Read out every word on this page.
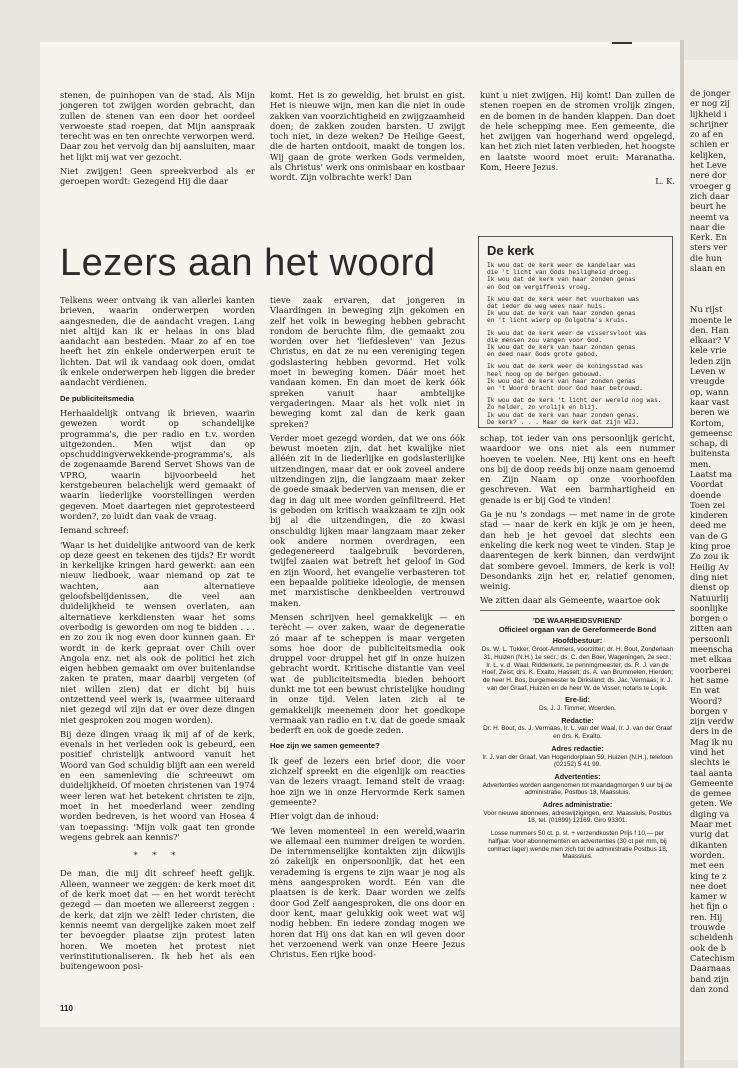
stenen, de puinhopen van de stad. Als Mijn jongeren tot zwijgen worden gebracht, dan zullen de stenen van een door het oordeel verwoeste stad roepen, dat Mijn aanspraak terecht was en ten onrechte verworpen werd. Daar zou het vervolg dan bij aansluiten, maar het lijkt mij wat ver gezocht.

Niet zwijgen! Geen spreekverbod als er geroepen wordt: Gezegend Hij die daar

komt. Het is zo geweldig, het bruist en gist. Het is nieuwe wijn, men kan die niet in oude zakken van voorzichtigheid en zwijgzaamheid doen; de zakken zouden barsten. U zwijgt toch niet, in deze weken? De Heilige Geest, die de harten ontdooit, maakt de tongen los. Wij gaan de grote werken Gods vermelden, als Christus' werk ons onmisbaar en kostbaar wordt. Zijn volbrachte werk! Dan

kunt u niet zwijgen. Hij komt! Dan zullen de stenen roepen en de stromen vrolijk zingen, en de bomen in de handen klappen. Dan doet de hele schepping mee. Een gemeente, die het zwijgen van hogerhand werd opgelegd, kan het zich niet laten verbieden, het hoogste en laatste woord moet eruit: Maranatha. Kom, Heere Jezus.

L. K.
Lezers aan het woord	De kerk

Ik wou dat de kerk weer de kandelaar was
die 't licht van Gods heiligheid droeg.
Ik wou dat de kerk van haar zonden genas
en God om vergiffenis vroeg.

Ik wou dat de kerk weer het vuurbaken was
dat ieder de weg wees naar huis.
Ik wou dat de kerk van haar zonden genas
en 't licht wierp op Golgotha's kruis.

Ik wou dat de kerk weer de vissersvloot was
die mensen zou vangen voor God.
Ik wou dat de kerk van haar zonden genas
en deed naar Gods grote gebod.

Ik wou dat de kerk weer de koningsstad was
heel hoog op de bergen gebouwd.
Ik wou dat de kerk van haar zonden genas
en 't Woord bracht door God haar betrouwd.

Ik wou dat de kerk 't licht der wereld nog was.
Zo helder, zo vrolijk en blij.
Ik wou dat de kerk van haar zonden genas.
De kerk? . . . Maar de kerk dat zijn WIJ.

Telkens weer ontvang ik van allerlei kanten brieven, waarin onderwerpen worden aangesneden, die de aandacht vragen. Lang niet altijd kan ik er helaas in ons blad aandacht aan besteden. Maar zo af en toe heeft het zin enkele onderwerpen eruit te lichten. Dat wil ik vandaag ook doen, omdat ik enkele onderwerpen heb liggen die breder aandacht verdienen.

De publiciteitsmedia

Herhaaldelijk ontvang ik brieven, waarin gewezen wordt op schandelijke programma's, die per radio en t.v. worden uitgezonden. Men wijst dan op opschuddingverwekkende-programma's, als de zogenaamde Barend Servet Shows van de VPRO, waarin bijvoorbeeld het kerstgebeuren belachelijk werd gemaakt of waarin liederlijke voorstellingen werden gegeven. Moet daartegen niet geprotesteerd worden?, zo luidt dan vaak de vraag.

Iemand schreef:

'Waar is het duidelijke antwoord van de kerk op deze geest en tekenen des tijds? Er wordt in kerkelijke kringen hard gewerkt: aan een nieuw liedboek, waar niemand op zat te wachten, aan alternatieve geloofsbelijdenissen, die veel aan duidelijkheid te wensen overlaten, aan alternatieve kerkdiensten waar het soms overbodig is geworden om nog te bidden . . . en zo zou ik nog even door kunnen gaan. Er wordt in de kerk gepraat over Chili over Angola enz. net als ook de politici het zich eigen hebben gemaakt om over buitenlandse zaken te praten, maar daarbij vergeten (of niet willen zien) dat er dicht bij huis ontzettend veel werk is, (waarmee uiteraard niet gezegd wil zijn dat er over deze dingen niet gesproken zou mogen worden).

Bij deze dingen vraag ik mij af of de kerk, evenals in het verleden ook is gebeurd, een positief christelijk antwoord vanuit het Woord van God schuldig blijft aan een wereld en een samenleving die schreeuwt om duidelijkheid. Of moeten christenen van 1974 weer leren wat het betekent christen te zijn, moet in het moederland weer zending worden bedreven, is het woord van Hosea 4 van toepassing: 'Mijn volk gaat ten gronde wegens gebrek aan kennis?'

* * *

De man, die mij dit schreef heeft gelijk. Alleen, wanneer we zeggen: de kerk moet dit of de kerk moet dat — en het wordt terècht gezegd — dan moeten we allereerst zeggen : de kerk, dat zijn we zèlf! Ieder christen, die kennis neemt van dergelijke zaken moet zelf ter bevoegder plaatse zijn protest laten horen. We moeten het protest niet verinstitutionaliseren. Ik heb het als een buitengewoon posi-

tieve zaak ervaren, dat jongeren in Vlaardingen in beweging zijn gekomen en zelf het volk in beweging hebben gebracht rondom de beruchte film, die gemaakt zou worden over het 'liefdesleven' van Jezus Christus, en dat ze nu een vereniging tegen godslastering hebben gevormd. Het volk moet in beweging komen. Dáár moet het vandaan komen. En dan moet de kerk óók spreken vanuit haar ambtelijke vergaderingen. Maar als het volk niet in beweging komt zal dan de kerk gaan spreken?

Verder moet gezegd worden, dat we ons óók bewust moeten zijn, dat het kwalijke niet alléén zit in de liederlijke en godslasterlijke uitzendingen, maar dat er ook zoveel andere uitzendingen zijn, die langzaam maar zeker de goede smaak bederven van mensen, die er dag in dag uit mee worden geïnfiltreerd. Het is geboden om kritisch waakzaam te zijn ook bij al die uitzendingen, die zo kwasi onschuldig lijken maar langzaam maar zeker ook andere normen overdragen, een gedegenereerd taalgebruik bevorderen, twijfel zaaien wat betreft het geloof in God en zijn Woord, het evangelie verbasteren tot een bepaalde politieke ideologie, de mensen met marxistische denkbeelden vertrouwd maken.

Mensen schrijven heel gemakkelijk — en terècht — over zaken, waar de degeneratie zó maar af te scheppen is maar vergeten soms hoe door de publiciteitsmedia ook druppel voor druppel het gif in onze huizen gebracht wordt. Kritische distantie van veel wat de publiciteitsmedia bieden behoort dunkt me tot een bewust christelijke houding in onze tijd. Velen laten zich al te gemakkelijk meenemen door het goedkope vermaak van radio en t.v. dat de goede smaak bederft en ook de goede zeden.

Hoe zijn we samen gemeente?

Ik geef de lezers een brief door, die voor zichzelf spreekt en die eigenlijk om reacties van de lezers vraagt. Iemand stelt de vraag: hoe zijn we in onze Hervormde Kerk samen gemeente?

Hier volgt dan de inhoud:

'We leven momenteel in een wereld,waarin we allemaal een nummer dreigen te worden. De internmenselijke kontakten zijn dikwijls zó zakelijk en onpersoonlijk, dat het een verademing is ergens te zijn waar je nog als mèns aangesproken wordt. Eén van die plaatsen is de kerk. Daar worden we zelfs door God Zelf aangesproken, die ons door en door kent, maar gelukkig ook weet wat wij nodig hebben. En iedere zondag mogen we horen dat Hij ons dat kan en wil geven door het verzoenend werk van onze Heere Jezus Christus. Een rijke bood-

schap, tot ieder van ons persoonlijk gericht, waardoor we ons niet als een nummer hoeven te voelen. Nee, Hij kent ons en heeft ons bij de doop reeds bij onze naam genoemd en Zijn Naam op onze voorhoofden geschreven. Wat een barmhartigheid en genade is er bij God te vinden!

Ga je nu 's zondags — met name in de grote stad — naar de kerk en kijk je om je heen, dan heb je het gevoel dat slechts een enkeling die kerk nog weet te vinden. Stap je daarentegen de kerk binnen, dan verdwijnt dat sombere gevoel. Immers, de kerk is vol! Desondanks zijn het er, relatief genomen, weinig.

We zitten daar als Gemeente, waartoe ook

'DE WAARHEIDSVRIEND'

Officieel orgaan van de Gereformeerde Bond

Hoofdbestuur:

Ds. W. L. Tukker, Groot-Ammers, voorzitter; dr. H. Bout, Zonderlaan 31, Huizen (N.H.) 1e secr.; ds. C. den Boer, Wageningen, 2e secr.; Ir. L. v. d. Waal, Ridderkerk, 1e penningmeester; ds. R. J. van de Hoef, Zeist; drs. K. Exalto, Hasselt; ds. A. van Brummelen, Hierden; de heer H. Bos, burgemeester te Dirksland; ds. Jac. Vermaas; Ir. J. van der Graaf, Huizen en de heer W. de Visser, notaris te Lopik.

Ere-lid:

Ds. J. J. Timmer, Woerden.

Redactie:

Dr. H. Bout, ds. J. Vermaas, Ir. L. van der Waal, Ir. J. van der Graaf en drs. K. Exalto.

Adres redactie:

Ir. J. van der Graaf, Van Hogendorplaan 59, Huizen (N.H.), telefoon (02152) 5 41 99.

Advertenties:

Advertenties worden aangenomen tot maandagmorgen 9 uur bij de administratie, Postbus 18, Maassluis.

Adres administratie:

Voor nieuwe abonnees, adreswijzigingen, enz. Maassluis, Postbus 18, tel. (01899) 12169. Giro 93301.

Losse nummers 50 ct. p. st. + verzendkosten Prijs f 10,— per halfjaar. Voor abonnementen en advertenties (30 ct per mm, bij contract lager) wende men zich tot de administratie Postbus 18, Maassluis.

110
de jonger
er nog zij
lijkheid i
schrijner
zo af en
schien er
kelijken,
het Leve
nere dor
vroeger g
zich daar
beurt he
neemt va
naar die
Kerk. En
sters ver
die hun
slaan en

Nu rijst
moente le
den. Han
elkaar? V
kele vrie
leden zijn
Leven w
vreugde
op, wann
kaar vast
beren we
Kortom,
gemeensc
schap, di
buitensta
men.
Laatst ma
Voordat
doende
Toen zei
kinderen
deed me
van de G
king proe
Zo zou ik
Heilig Av
ding niet
dienst op
Natuurlij
soonlijke
borgen o
zitten aan
persoonli
meenscha
met elkaa
voorberei
het same
En wat
Woord?
borgen v
zijn verdw
ders in de
Mag ik nu
vind het
slechts ie
taal aanta
Gemeente
de gemee
geten. We
diging va
Maar met
vurig dat
dikanten
worden.
met een
king te z
nee doet
kamer w
het fijn o
ren. Hij
trouwde
scheidenh
ook de b
Catechism
Daarnaas
band zijn
dan zond
